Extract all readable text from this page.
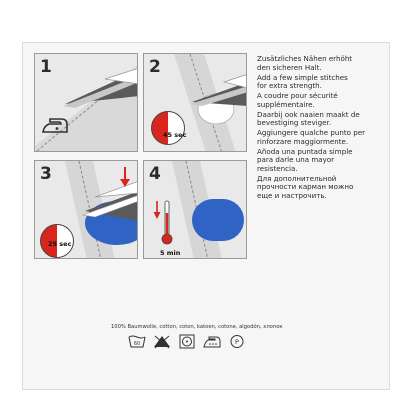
1	2
45 sec
3
25 sec
4
5 min
Zusätzliches Nähen erhöht
den sicheren Halt.
Add a few simple stitches
for extra strength.
A coudre pour sécurité
supplémentaire.
Daarbij ook naaien maakt de
bevestiging steviger.
Aggiungere qualche punto per
rinforzare maggiormente.
Añoda una puntada simple
para darle una mayor
resistencia.
Для дополнительной
прочности карман можно
еще и настрочить.
100% Baumwolle, cotton, coton, katoen, cotone, algodón, хлопок
60	P
